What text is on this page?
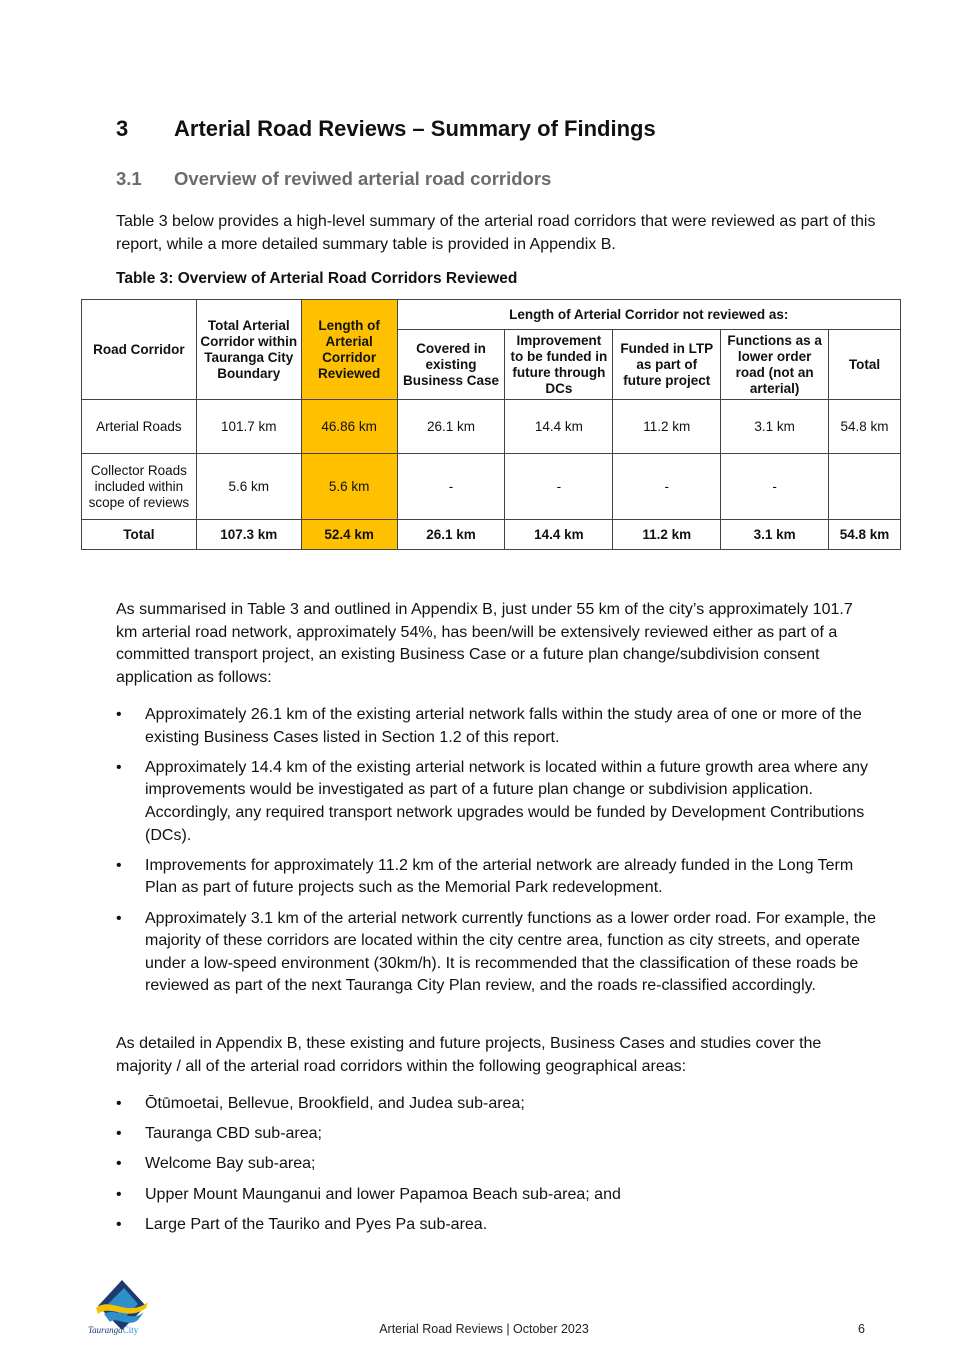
3	Arterial Road Reviews – Summary of Findings
3.1	Overview of reviwed arterial road corridors
Table 3 below provides a high-level summary of the arterial road corridors that were reviewed as part of this report, while a more detailed summary table is provided in Appendix B.
Table 3: Overview of Arterial Road Corridors Reviewed
Road Corridor	Total Arterial Corridor within Tauranga City Boundary	Length of Arterial Corridor Reviewed	Length of Arterial Corridor not reviewed as:				
			Covered in existing Business Case	Improvement to be funded in future through DCs	Funded in LTP as part of future project	Functions as a lower order road (not an arterial)	Total
Arterial Roads	101.7 km	46.86 km	26.1 km	14.4 km	11.2 km	3.1 km	54.8 km
Collector Roads included within scope of reviews	5.6 km	5.6 km	-	-	-	-	
Total	107.3 km	52.4 km	26.1 km	14.4 km	11.2 km	3.1 km	54.8 km
As summarised in Table 3 and outlined in Appendix B, just under 55 km of the city’s approximately 101.7 km arterial road network, approximately 54%, has been/will be extensively reviewed either as part of a committed transport project, an existing Business Case or a future plan change/subdivision consent application as follows:
•	Approximately 26.1 km of the existing arterial network falls within the study area of one or more of the existing Business Cases listed in Section 1.2 of this report.
•	Approximately 14.4 km of the existing arterial network is located within a future growth area where any improvements would be investigated as part of a future plan change or subdivision application. Accordingly, any required transport network upgrades would be funded by Development Contributions (DCs).
•	Improvements for approximately 11.2 km of the arterial network are already funded in the Long Term Plan as part of future projects such as the Memorial Park redevelopment.
•	Approximately 3.1 km of the arterial network currently functions as a lower order road. For example, the majority of these corridors are located within the city centre area, function as city streets, and operate under a low-speed environment (30km/h). It is recommended that the classification of these roads be reviewed as part of the next Tauranga City Plan review, and the roads re-classified accordingly.
As detailed in Appendix B, these existing and future projects, Business Cases and studies cover the majority / all of the arterial road corridors within the following geographical areas:
•	Ōtūmoetai, Bellevue, Brookfield, and Judea sub-area;
•	Tauranga CBD sub-area;
•	Welcome Bay sub-area;
•	Upper Mount Maunganui and lower Papamoa Beach sub-area; and
•	Large Part of the Tauriko and Pyes Pa sub-area.
TaurangaCity	Arterial Road Reviews | October 2023	6
